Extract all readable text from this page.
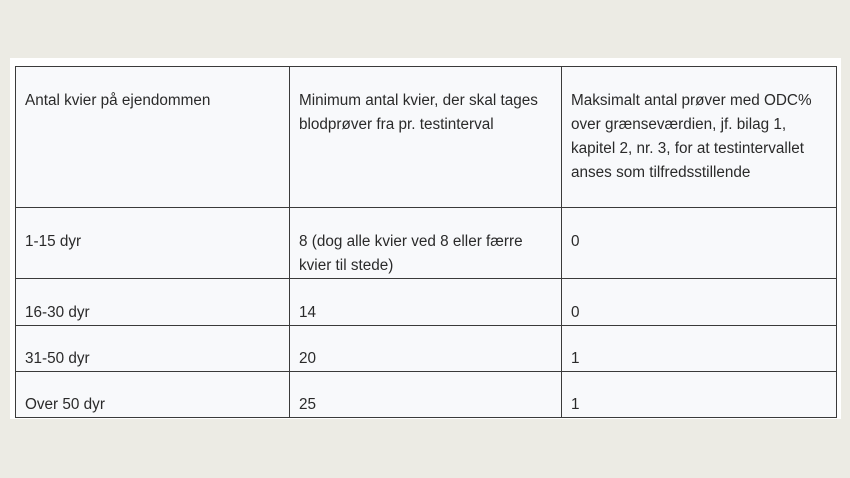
Antal kvier på ejendommen	Minimum antal kvier, der skal tages blodprøver fra pr. testinterval	Maksimalt antal prøver med ODC% over grænseværdien, jf. bilag 1, kapitel 2, nr. 3, for at testintervallet anses som tilfredsstillende
1-15 dyr	8 (dog alle kvier ved 8 eller færre kvier til stede)	0
16-30 dyr	14	0
31-50 dyr	20	1
Over 50 dyr	25	1
